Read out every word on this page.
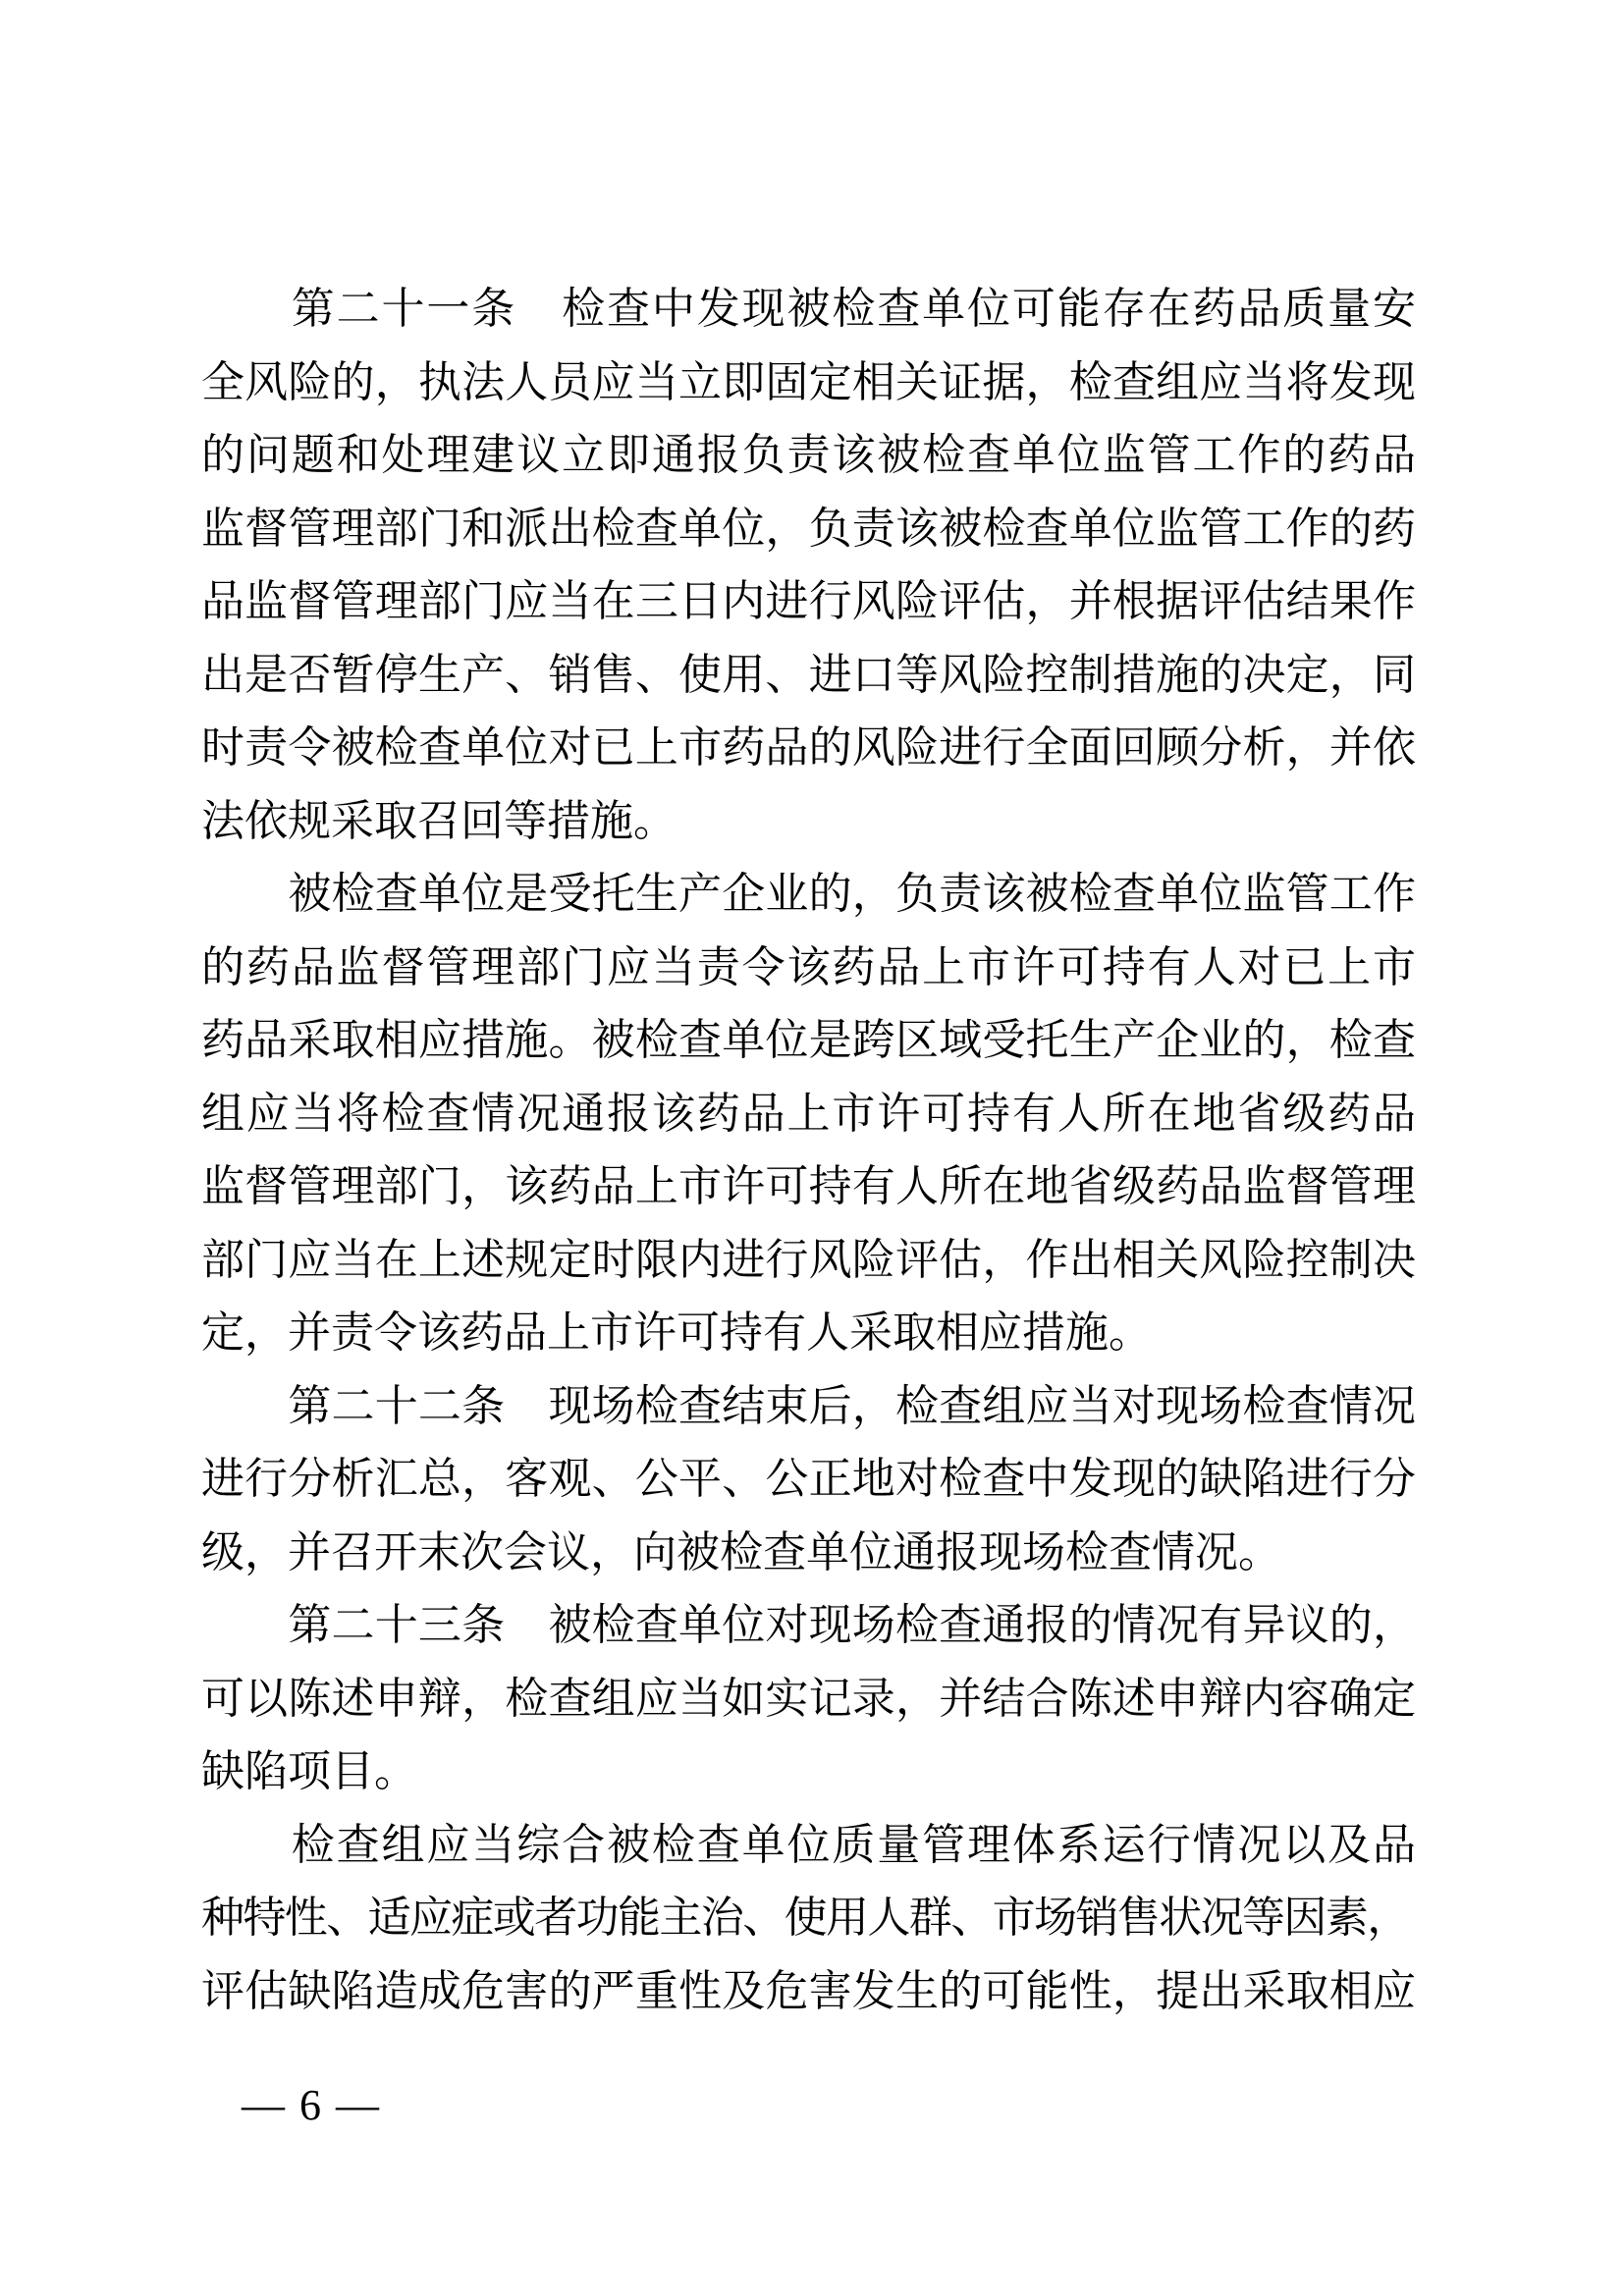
　　第二十一条　检查中发现被检查单位可能存在药品质量安
全风险的，执法人员应当立即固定相关证据，检查组应当将发现
的问题和处理建议立即通报负责该被检查单位监管工作的药品
监督管理部门和派出检查单位，负责该被检查单位监管工作的药
品监督管理部门应当在三日内进行风险评估，并根据评估结果作
出是否暂停生产、销售、使用、进口等风险控制措施的决定，同
时责令被检查单位对已上市药品的风险进行全面回顾分析，并依
法依规采取召回等措施。
　　被检查单位是受托生产企业的，负责该被检查单位监管工作
的药品监督管理部门应当责令该药品上市许可持有人对已上市
药品采取相应措施。被检查单位是跨区域受托生产企业的，检查
组应当将检查情况通报该药品上市许可持有人所在地省级药品
监督管理部门，该药品上市许可持有人所在地省级药品监督管理
部门应当在上述规定时限内进行风险评估，作出相关风险控制决
定，并责令该药品上市许可持有人采取相应措施。
　　第二十二条　现场检查结束后，检查组应当对现场检查情况
进行分析汇总，客观、公平、公正地对检查中发现的缺陷进行分
级，并召开末次会议，向被检查单位通报现场检查情况。
　　第二十三条　被检查单位对现场检查通报的情况有异议的，
可以陈述申辩，检查组应当如实记录，并结合陈述申辩内容确定
缺陷项目。
　　检查组应当综合被检查单位质量管理体系运行情况以及品
种特性、适应症或者功能主治、使用人群、市场销售状况等因素，
评估缺陷造成危害的严重性及危害发生的可能性，提出采取相应
— 6 —
